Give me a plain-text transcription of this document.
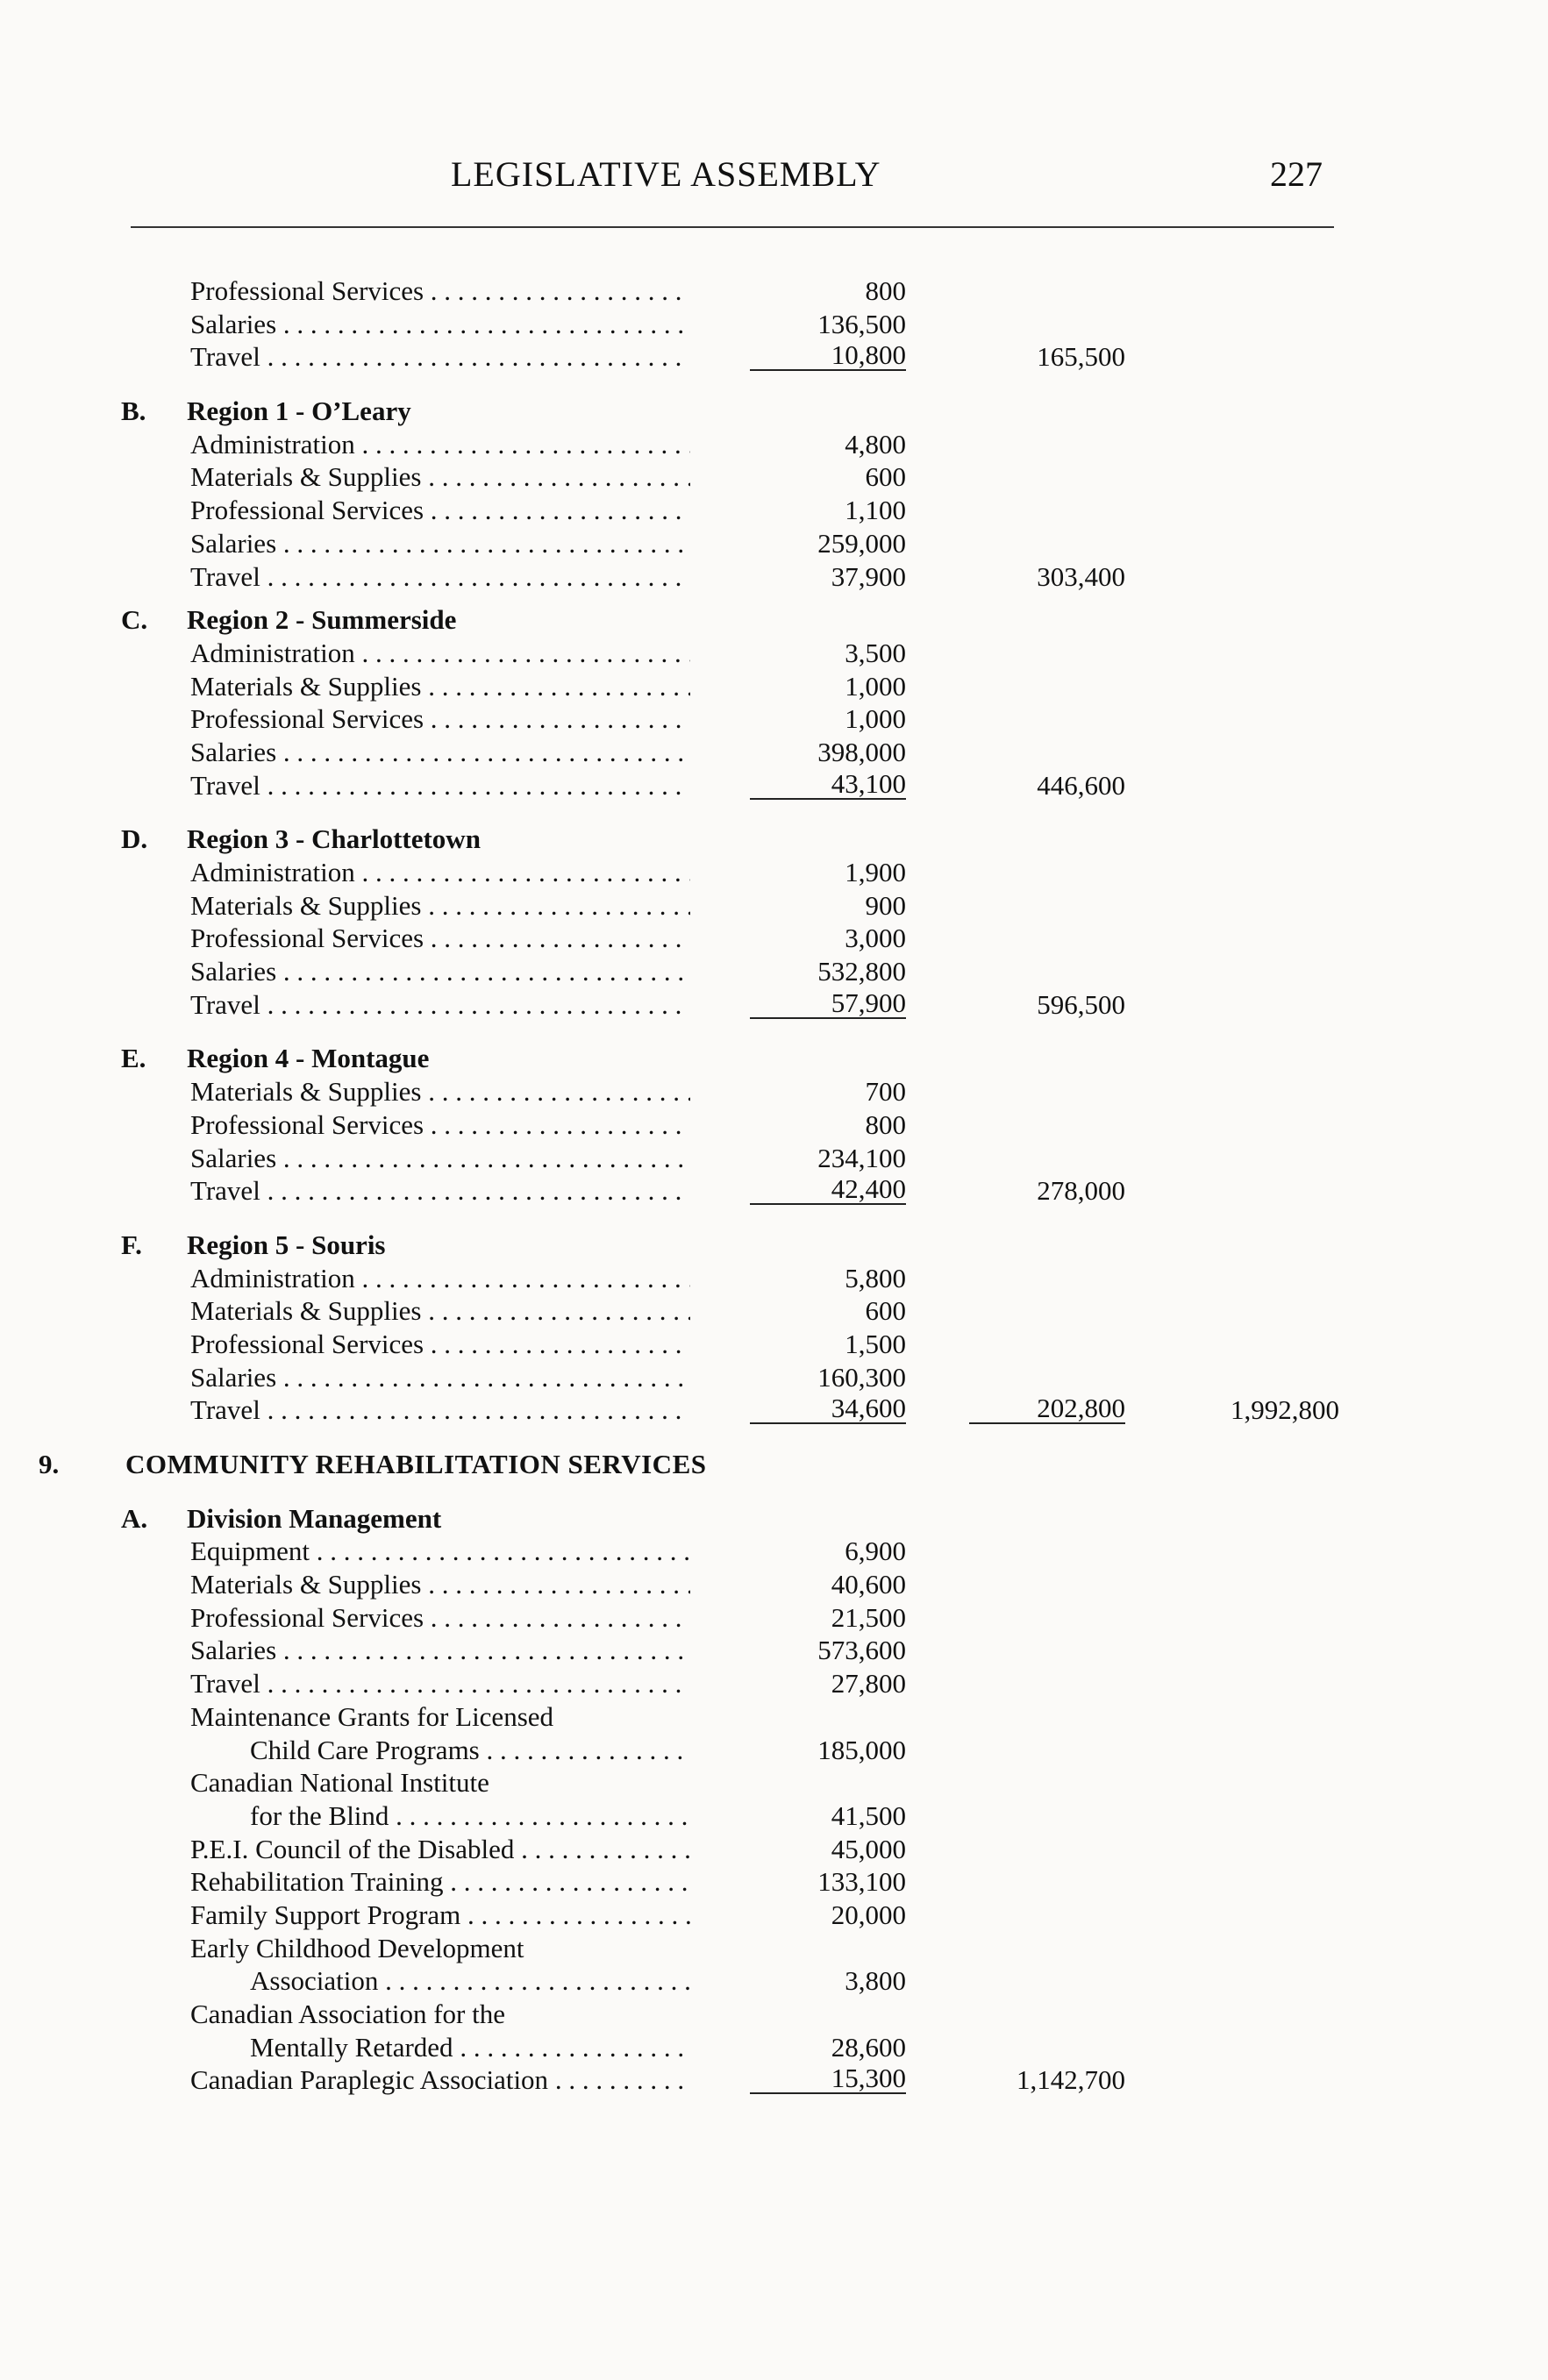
LEGISLATIVE ASSEMBLY	227
Professional Services . . .	800
Salaries . . .	136,500
Travel . . .	10,800	165,500
B. Region 1 - O’Leary
Administration . . .	4,800
Materials & Supplies . . .	600
Professional Services . . .	1,100
Salaries . . .	259,000
Travel . . .	37,900	303,400
C. Region 2 - Summerside
Administration . . .	3,500
Materials & Supplies . . .	1,000
Professional Services . . .	1,000
Salaries . . .	398,000
Travel . . .	43,100	446,600
D. Region 3 - Charlottetown
Administration . . .	1,900
Materials & Supplies . . .	900
Professional Services . . .	3,000
Salaries . . .	532,800
Travel . . .	57,900	596,500
E. Region 4 - Montague
Materials & Supplies . . .	700
Professional Services . . .	800
Salaries . . .	234,100
Travel . . .	42,400	278,000
F. Region 5 - Souris
Administration . . .	5,800
Materials & Supplies . . .	600
Professional Services . . .	1,500
Salaries . . .	160,300
Travel . . .	34,600	202,800	1,992,800
9. COMMUNITY REHABILITATION SERVICES
A. Division Management
Equipment . . .	6,900
Materials & Supplies . . .	40,600
Professional Services . . .	21,500
Salaries . . .	573,600
Travel . . .	27,800
Maintenance Grants for Licensed
Child Care Programs . . .	185,000
Canadian National Institute
for the Blind . . .	41,500
P.E.I. Council of the Disabled . . .	45,000
Rehabilitation Training . . .	133,100
Family Support Program . . .	20,000
Early Childhood Development
Association . . .	3,800
Canadian Association for the
Mentally Retarded . . .	28,600
Canadian Paraplegic Association . . .	15,300	1,142,700
